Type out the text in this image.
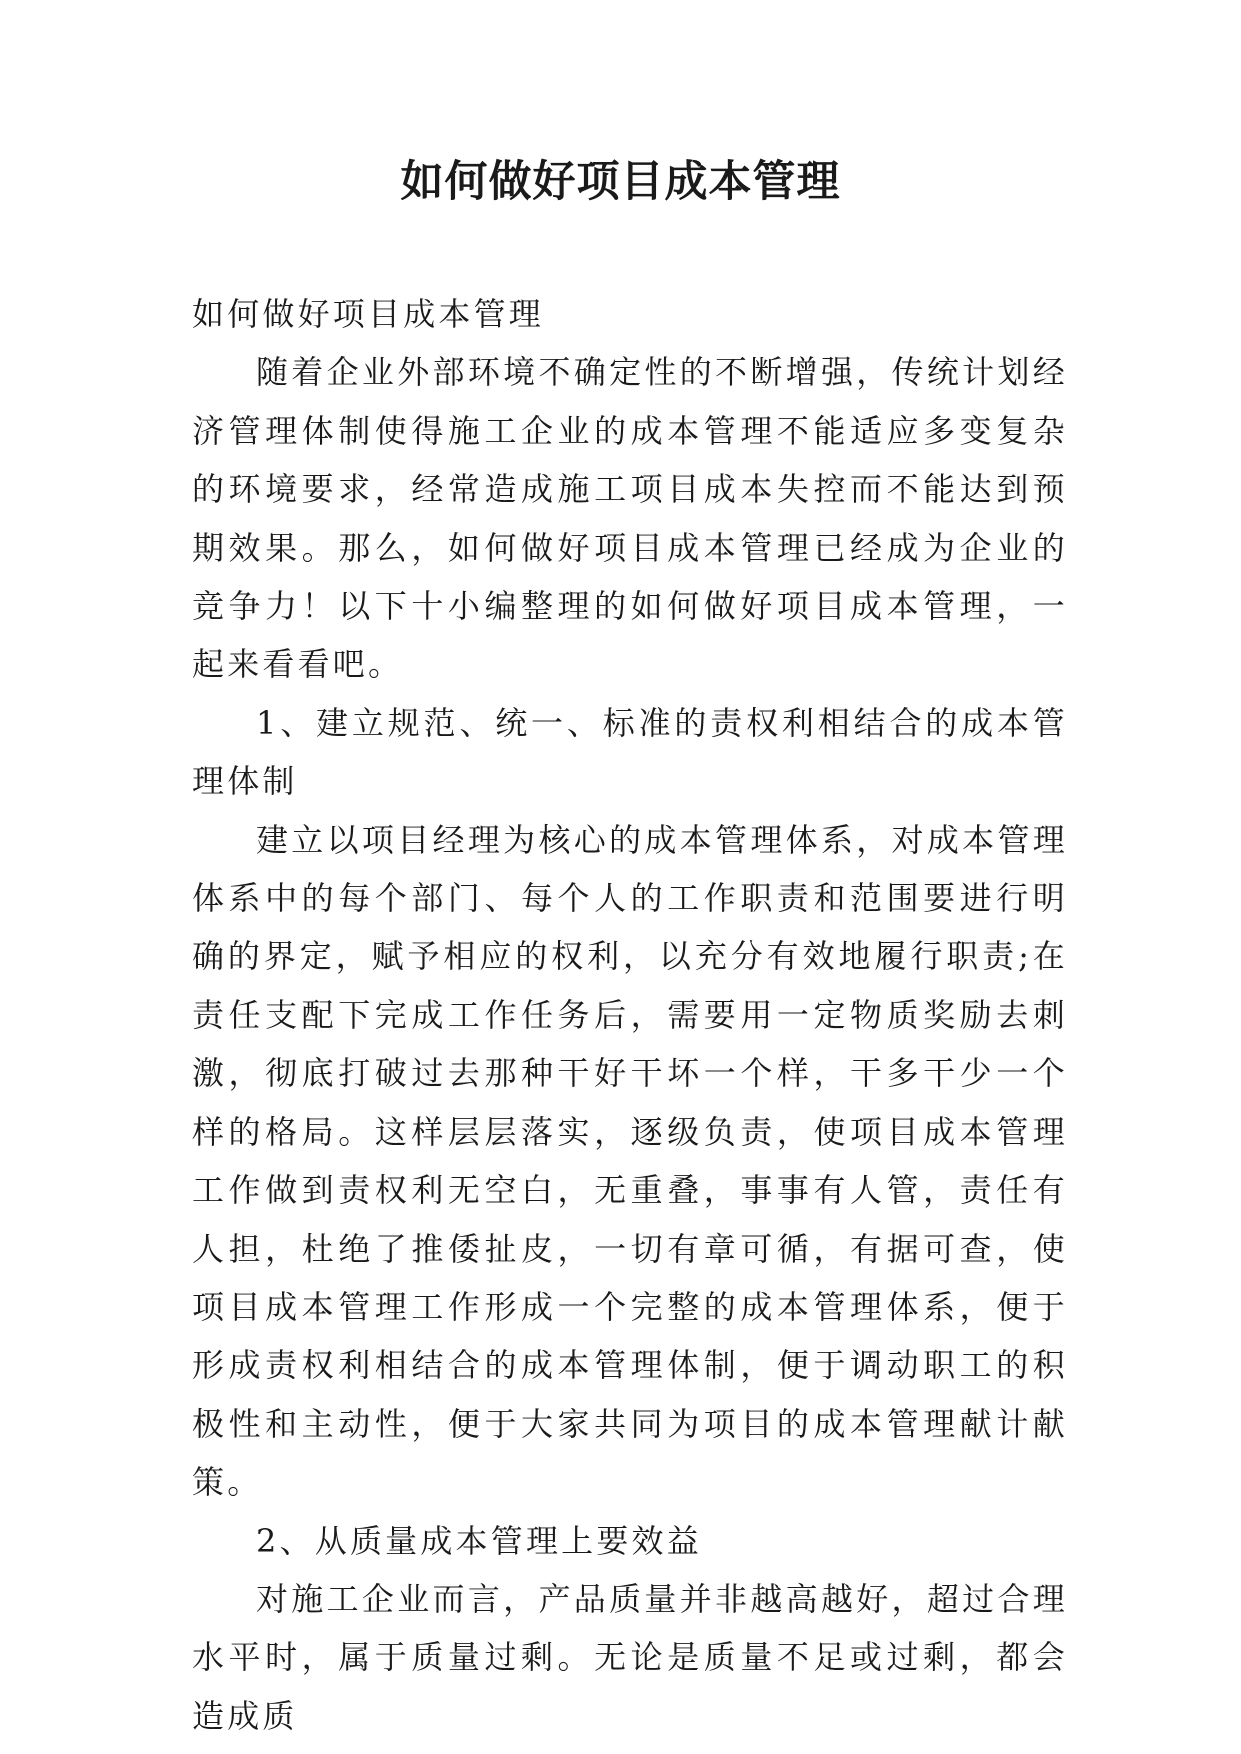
如何做好项目成本管理

如何做好项目成本管理

随着企业外部环境不确定性的不断增强，传统计划经济管理体制使得施工企业的成本管理不能适应多变复杂的环境要求，经常造成施工项目成本失控而不能达到预期效果。那么，如何做好项目成本管理已经成为企业的竞争力！以下十小编整理的如何做好项目成本管理，一起来看看吧。

1、建立规范、统一、标准的责权利相结合的成本管理体制

建立以项目经理为核心的成本管理体系，对成本管理体系中的每个部门、每个人的工作职责和范围要进行明确的界定，赋予相应的权利，以充分有效地履行职责;在责任支配下完成工作任务后，需要用一定物质奖励去刺激，彻底打破过去那种干好干坏一个样，干多干少一个样的格局。这样层层落实，逐级负责，使项目成本管理工作做到责权利无空白，无重叠，事事有人管，责任有人担，杜绝了推倭扯皮，一切有章可循，有据可查，使项目成本管理工作形成一个完整的成本管理体系，便于形成责权利相结合的成本管理体制，便于调动职工的积极性和主动性，便于大家共同为项目的成本管理献计献策。

2、从质量成本管理上要效益

对施工企业而言，产品质量并非越高越好，超过合理水平时，属于质量过剩。无论是质量不足或过剩，都会造成质
